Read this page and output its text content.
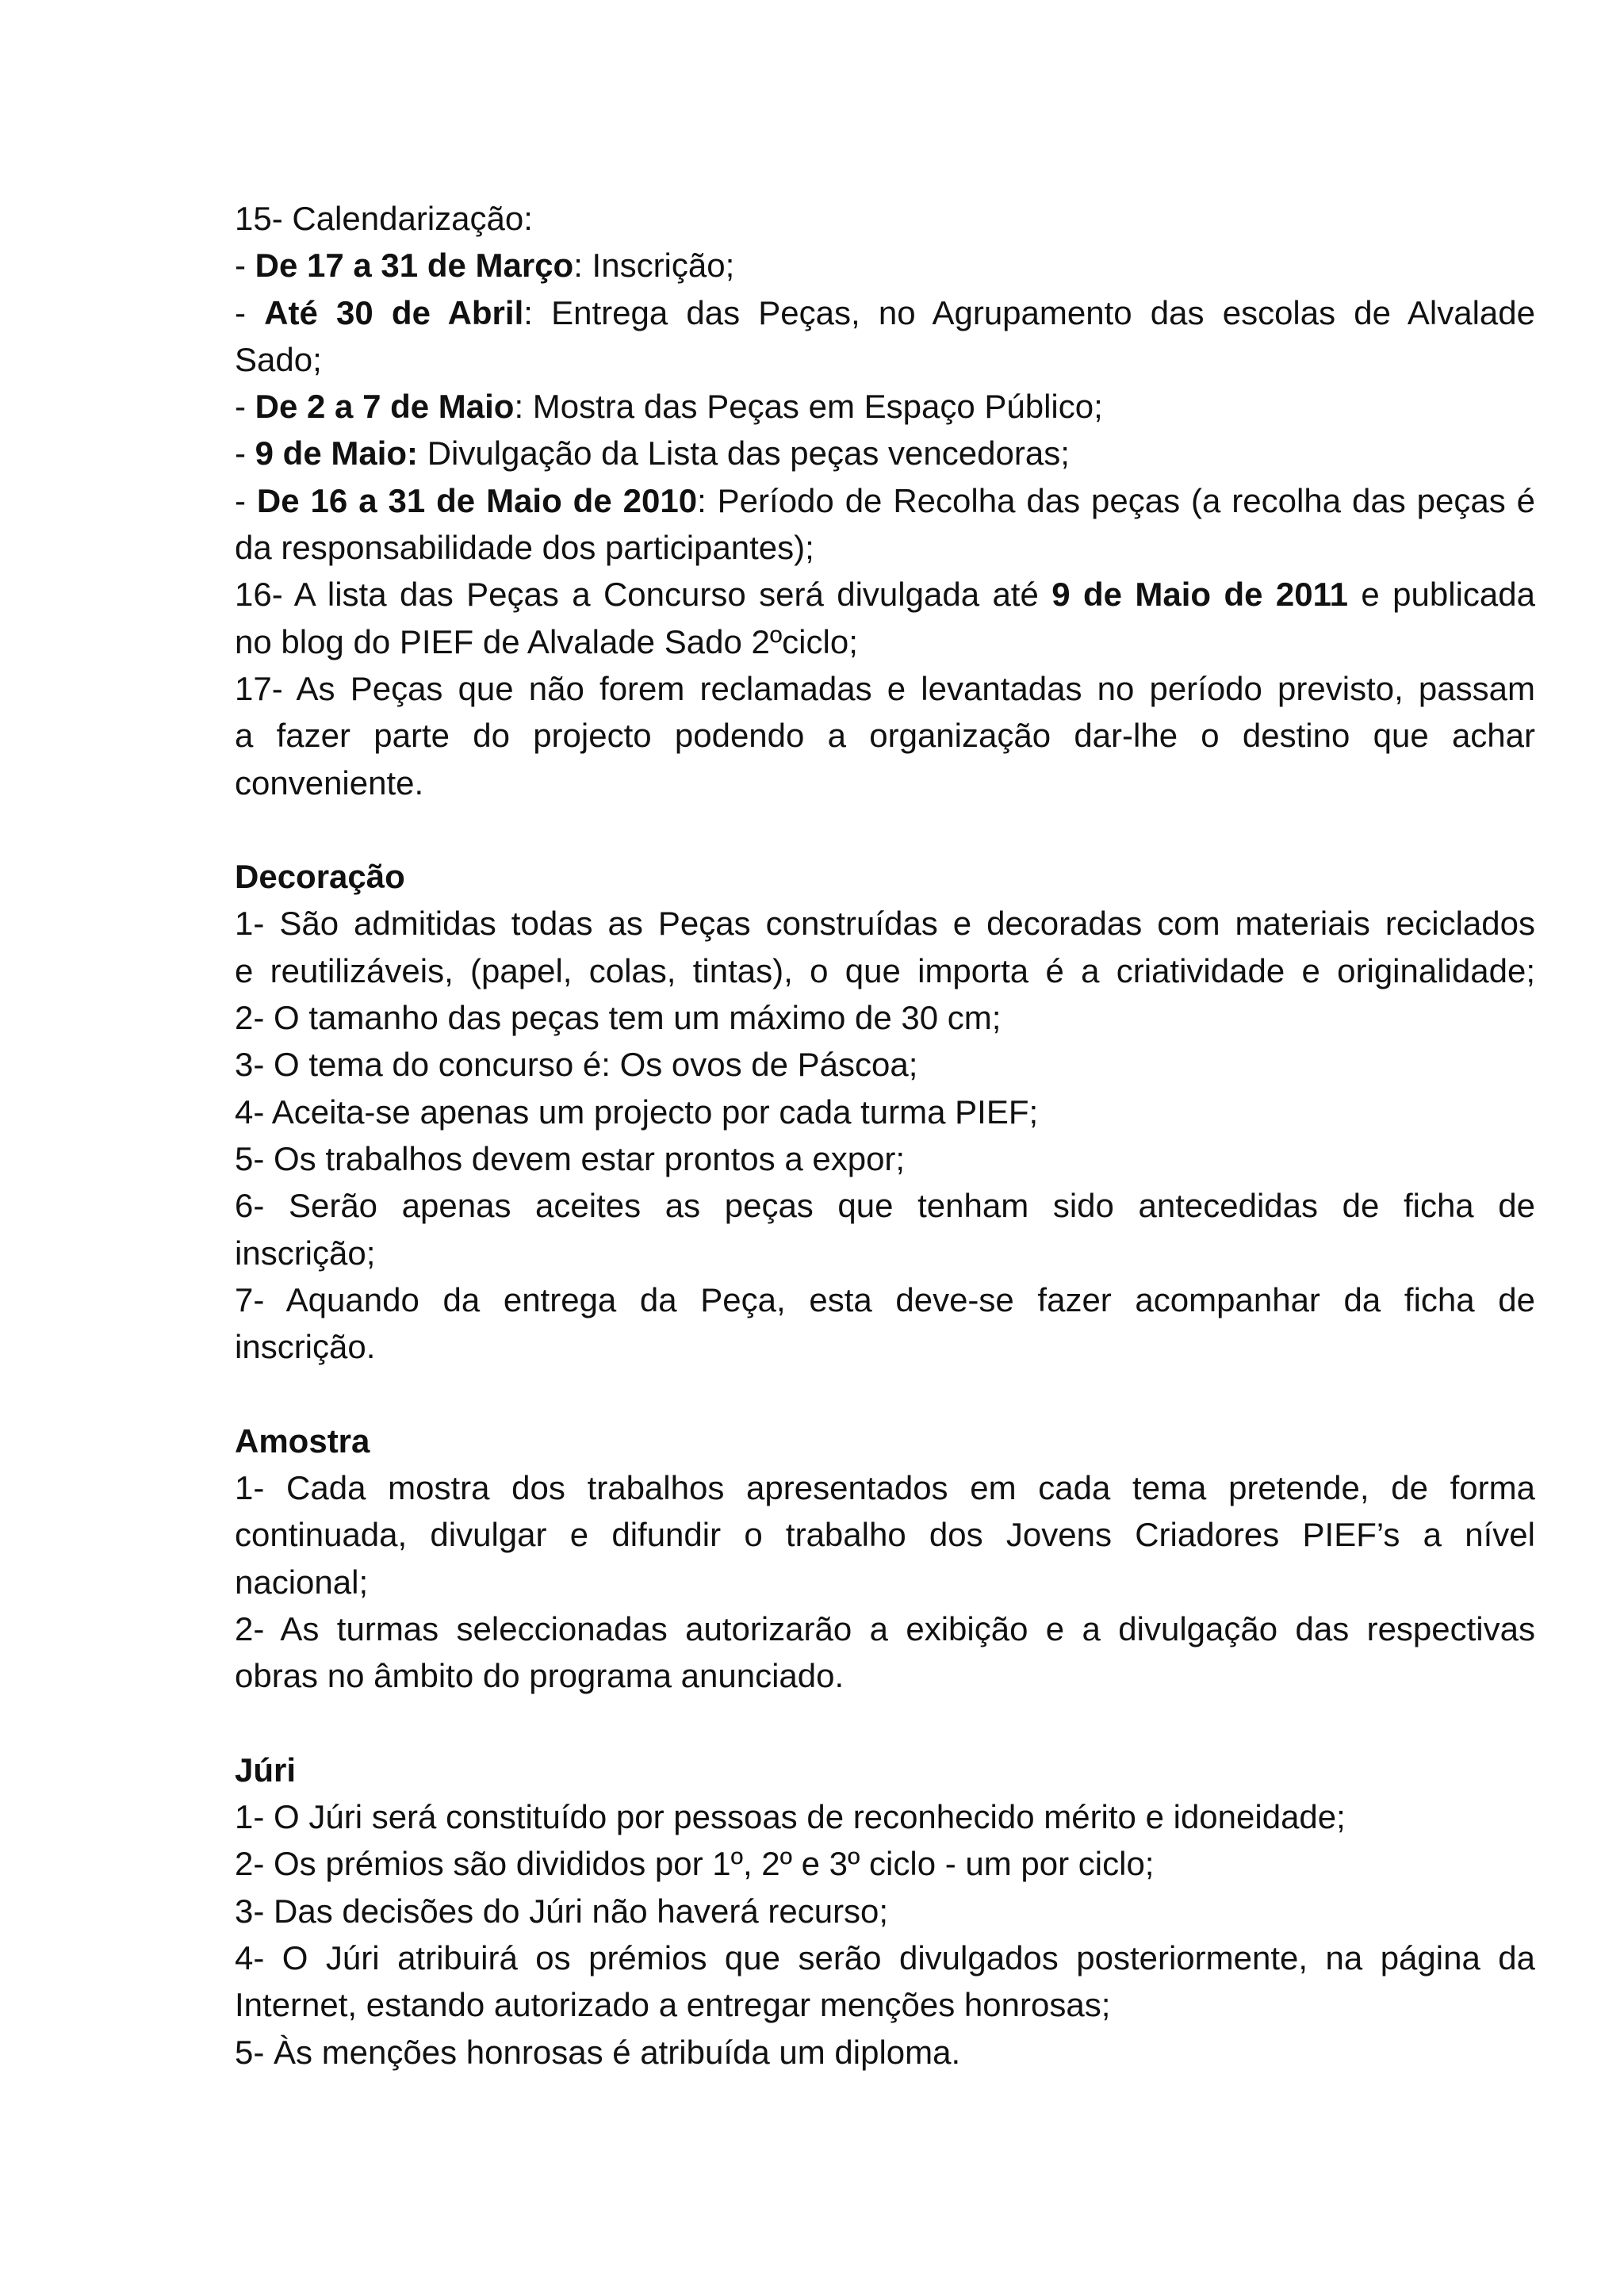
15- Calendarização:
- De 17 a 31 de Março: Inscrição;
- Até 30 de Abril: Entrega das Peças, no Agrupamento das escolas de Alvalade
Sado;
- De 2 a 7 de Maio: Mostra das Peças em Espaço Público;
- 9 de Maio: Divulgação da Lista das peças vencedoras;
- De 16 a 31 de Maio de 2010: Período de Recolha das peças (a recolha das peças é
da responsabilidade dos participantes);
16- A lista das Peças a Concurso será divulgada até 9 de Maio de 2011 e publicada
no blog do PIEF de Alvalade Sado 2ºciclo;
17- As Peças que não forem reclamadas e levantadas no período previsto, passam
a fazer parte do projecto podendo a organização dar-lhe o destino que achar
conveniente.
Decoração
1- São admitidas todas as Peças construídas e decoradas com materiais reciclados
e reutilizáveis, (papel, colas, tintas), o que importa é a criatividade e originalidade;
2- O tamanho das peças tem um máximo de 30 cm;
3- O tema do concurso é: Os ovos de Páscoa;
4- Aceita-se apenas um projecto por cada turma PIEF;
5- Os trabalhos devem estar prontos a expor;
6- Serão apenas aceites as peças que tenham sido antecedidas de ficha de
inscrição;
7- Aquando da entrega da Peça, esta deve-se fazer acompanhar da ficha de
inscrição.
Amostra
1- Cada mostra dos trabalhos apresentados em cada tema pretende, de forma
continuada, divulgar e difundir o trabalho dos Jovens Criadores PIEF’s a nível
nacional;
2- As turmas seleccionadas autorizarão a exibição e a divulgação das respectivas
obras no âmbito do programa anunciado.
Júri
1- O Júri será constituído por pessoas de reconhecido mérito e idoneidade;
2- Os prémios são divididos por 1º, 2º e 3º ciclo - um por ciclo;
3- Das decisões do Júri não haverá recurso;
4- O Júri atribuirá os prémios que serão divulgados posteriormente, na página da
Internet, estando autorizado a entregar menções honrosas;
5- Às menções honrosas é atribuída um diploma.
